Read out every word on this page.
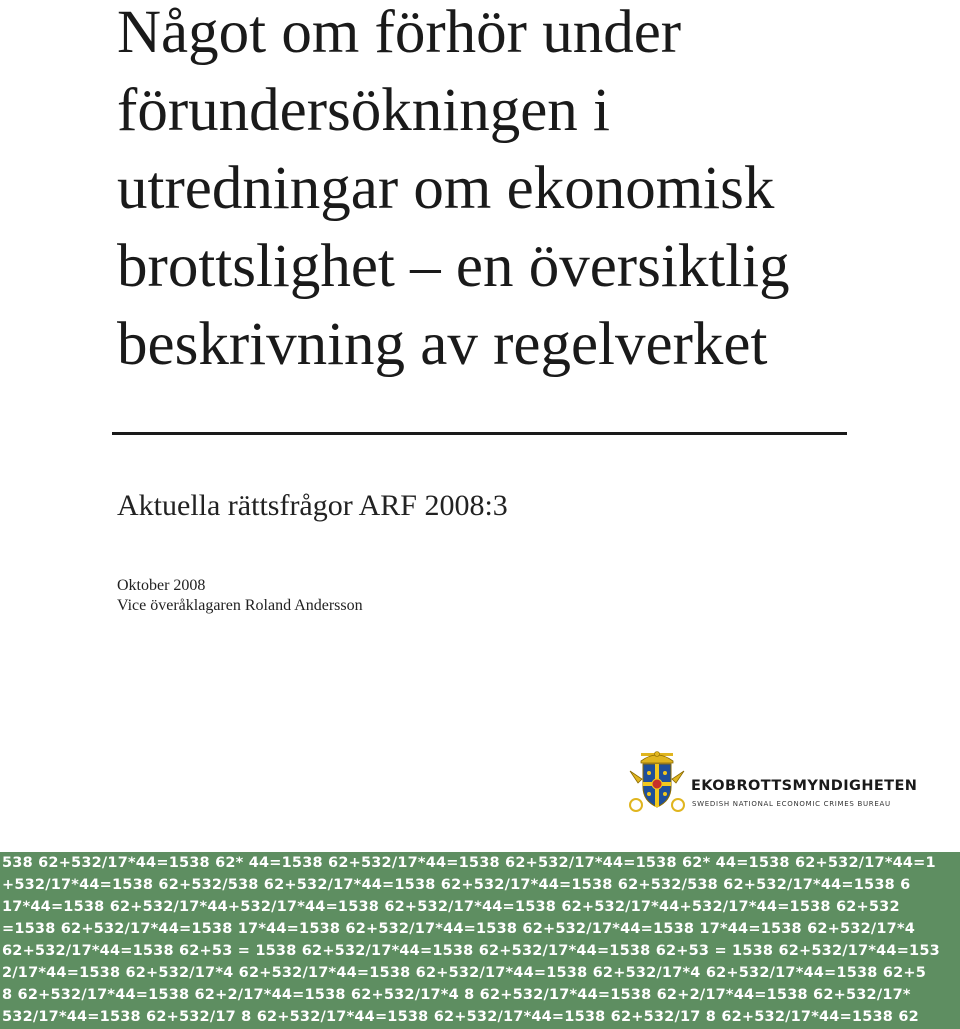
Något om förhör under
förundersökningen i
utredningar om ekonomisk
brottslighet – en översiktlig
beskrivning av regelverket
Aktuella rättsfrågor ARF 2008:3
Oktober 2008
Vice överåklagaren Roland Andersson
EKOBROTTSMYNDIGHETEN
SWEDISH NATIONAL ECONOMIC CRIMES BUREAU
538 62+532/17*44=1538 62* 44=1538 62+532/17*44=1538 62+532/17*44=1538 62* 44=1538 62+532/17*44=1
+532/17*44=1538 62+532/538 62+532/17*44=1538 62+532/17*44=1538 62+532/538 62+532/17*44=1538 6
17*44=1538 62+532/17*44+532/17*44=1538 62+532/17*44=1538 62+532/17*44+532/17*44=1538 62+532
=1538 62+532/17*44=1538 17*44=1538 62+532/17*44=1538 62+532/17*44=1538 17*44=1538 62+532/17*4
62+532/17*44=1538 62+53 = 1538 62+532/17*44=1538 62+532/17*44=1538 62+53 = 1538 62+532/17*44=153
2/17*44=1538 62+532/17*4 62+532/17*44=1538 62+532/17*44=1538 62+532/17*4 62+532/17*44=1538 62+5
8 62+532/17*44=1538 62+2/17*44=1538 62+532/17*4 8 62+532/17*44=1538 62+2/17*44=1538 62+532/17*
532/17*44=1538 62+532/17 8 62+532/17*44=1538 62+532/17*44=1538 62+532/17 8 62+532/17*44=1538 62
